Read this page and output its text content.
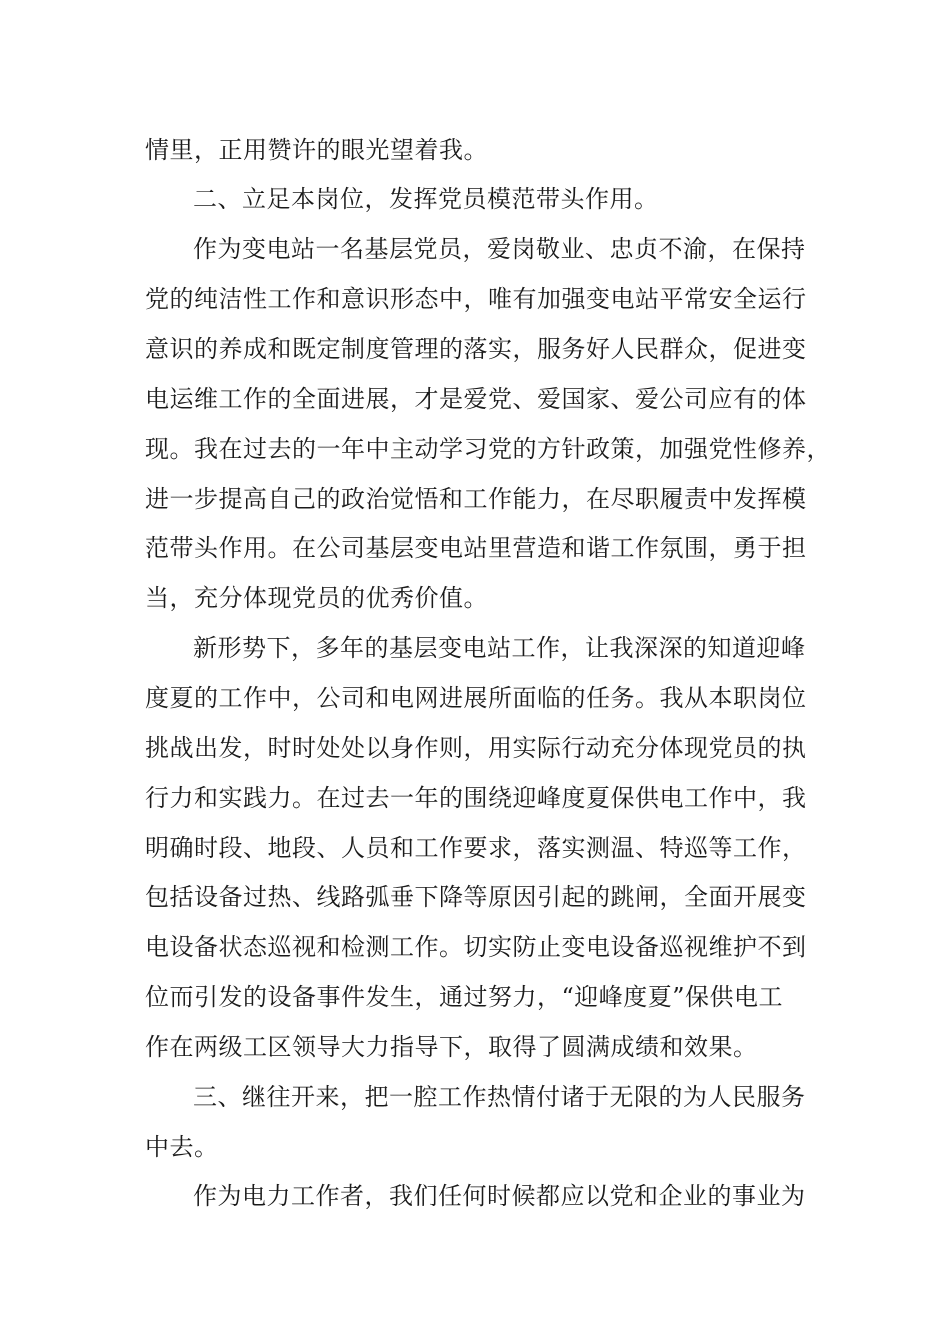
情里，正用赞许的眼光望着我。
二、立足本岗位，发挥党员模范带头作用。
作为变电站一名基层党员，爱岗敬业、忠贞不渝，在保持
党的纯洁性工作和意识形态中，唯有加强变电站平常安全运行
意识的养成和既定制度管理的落实，服务好人民群众，促进变
电运维工作的全面进展，才是爱党、爱国家、爱公司应有的体
现。我在过去的一年中主动学习党的方针政策，加强党性修养，
进一步提高自己的政治觉悟和工作能力，在尽职履责中发挥模
范带头作用。在公司基层变电站里营造和谐工作氛围，勇于担
当，充分体现党员的优秀价值。
新形势下，多年的基层变电站工作，让我深深的知道迎峰
度夏的工作中，公司和电网进展所面临的任务。我从本职岗位
挑战出发，时时处处以身作则，用实际行动充分体现党员的执
行力和实践力。在过去一年的围绕迎峰度夏保供电工作中，我
明确时段、地段、人员和工作要求，落实测温、特巡等工作，
包括设备过热、线路弧垂下降等原因引起的跳闸，全面开展变
电设备状态巡视和检测工作。切实防止变电设备巡视维护不到
位而引发的设备事件发生，通过努力，“迎峰度夏”保供电工
作在两级工区领导大力指导下，取得了圆满成绩和效果。
三、继往开来，把一腔工作热情付诸于无限的为人民服务
中去。
作为电力工作者，我们任何时候都应以党和企业的事业为
